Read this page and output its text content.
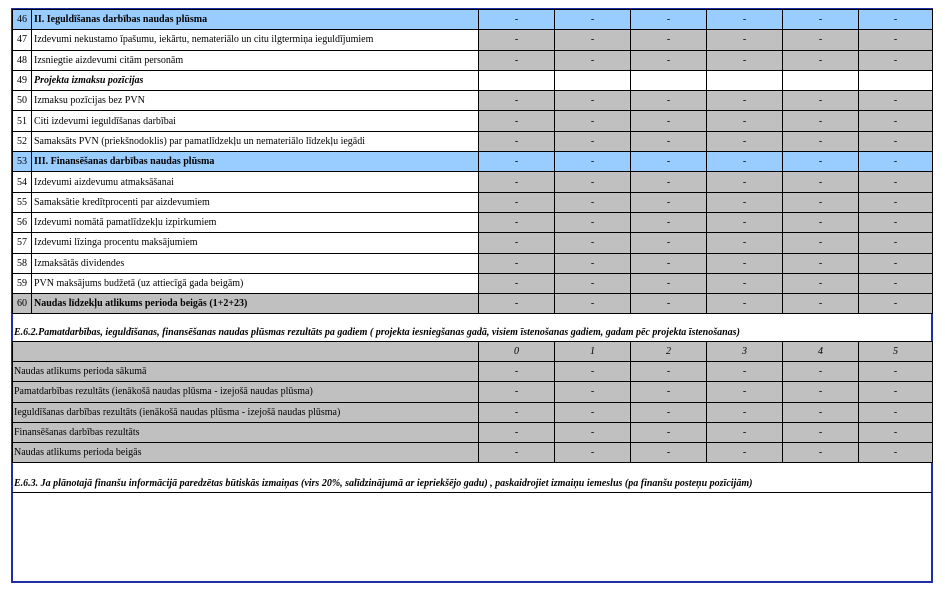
46	II. Ieguldīšanas darbības naudas plūsma	-	-	-	-	-	-
47	Izdevumi nekustamo īpašumu, iekārtu, nemateriālo un citu ilgtermiņa ieguldījumiem	-	-	-	-	-	-
48	Izsniegtie aizdevumi citām personām	-	-	-	-	-	-
49	Projekta izmaksu pozīcijas						
50	Izmaksu pozīcijas bez PVN	-	-	-	-	-	-
51	Citi izdevumi ieguldīšanas darbībai	-	-	-	-	-	-
52	Samaksāts PVN (priekšnodoklis) par pamatlīdzekļu un nemateriālo līdzekļu iegādi	-	-	-	-	-	-
53	III. Finansēšanas darbības naudas plūsma	-	-	-	-	-	-
54	Izdevumi aizdevumu atmaksāšanai	-	-	-	-	-	-
55	Samaksātie kredītprocenti par aizdevumiem	-	-	-	-	-	-
56	Izdevumi nomātā pamatlīdzekļu izpirkumiem	-	-	-	-	-	-
57	Izdevumi līzinga procentu maksājumiem	-	-	-	-	-	-
58	Izmaksātās dividendes	-	-	-	-	-	-
59	PVN maksājums budžetā (uz attiecīgā gada beigām)	-	-	-	-	-	-
60	Naudas līdzekļu atlikums perioda beigās (1+2+23)	-	-	-	-	-	-
E.6.2.Pamatdarbības, ieguldīšanas, finansēšanas naudas plūsmas rezultāts pa gadiem ( projekta iesniegšanas gadā, visiem īstenošanas gadiem, gadam pēc projekta īstenošanas)
	0	1	2	3	4	5
Naudas atlikums perioda sākumā	-	-	-	-	-	-
Pamatdarbības rezultāts (ienākošā naudas plūsma - izejošā naudas plūsma)	-	-	-	-	-	-
Ieguldīšanas darbības rezultāts (ienākošā naudas plūsma - izejošā naudas plūsma)	-	-	-	-	-	-
Finansēšanas darbības rezultāts	-	-	-	-	-	-
Naudas atlikums perioda beigās	-	-	-	-	-	-
E.6.3. Ja plānotajā finanšu informācijā paredzētas būtiskās izmaiņas (virs 20%, salīdzinājumā ar iepriekšējo gadu) , paskaidrojiet izmaiņu iemeslus (pa finanšu posteņu pozīcijām)
